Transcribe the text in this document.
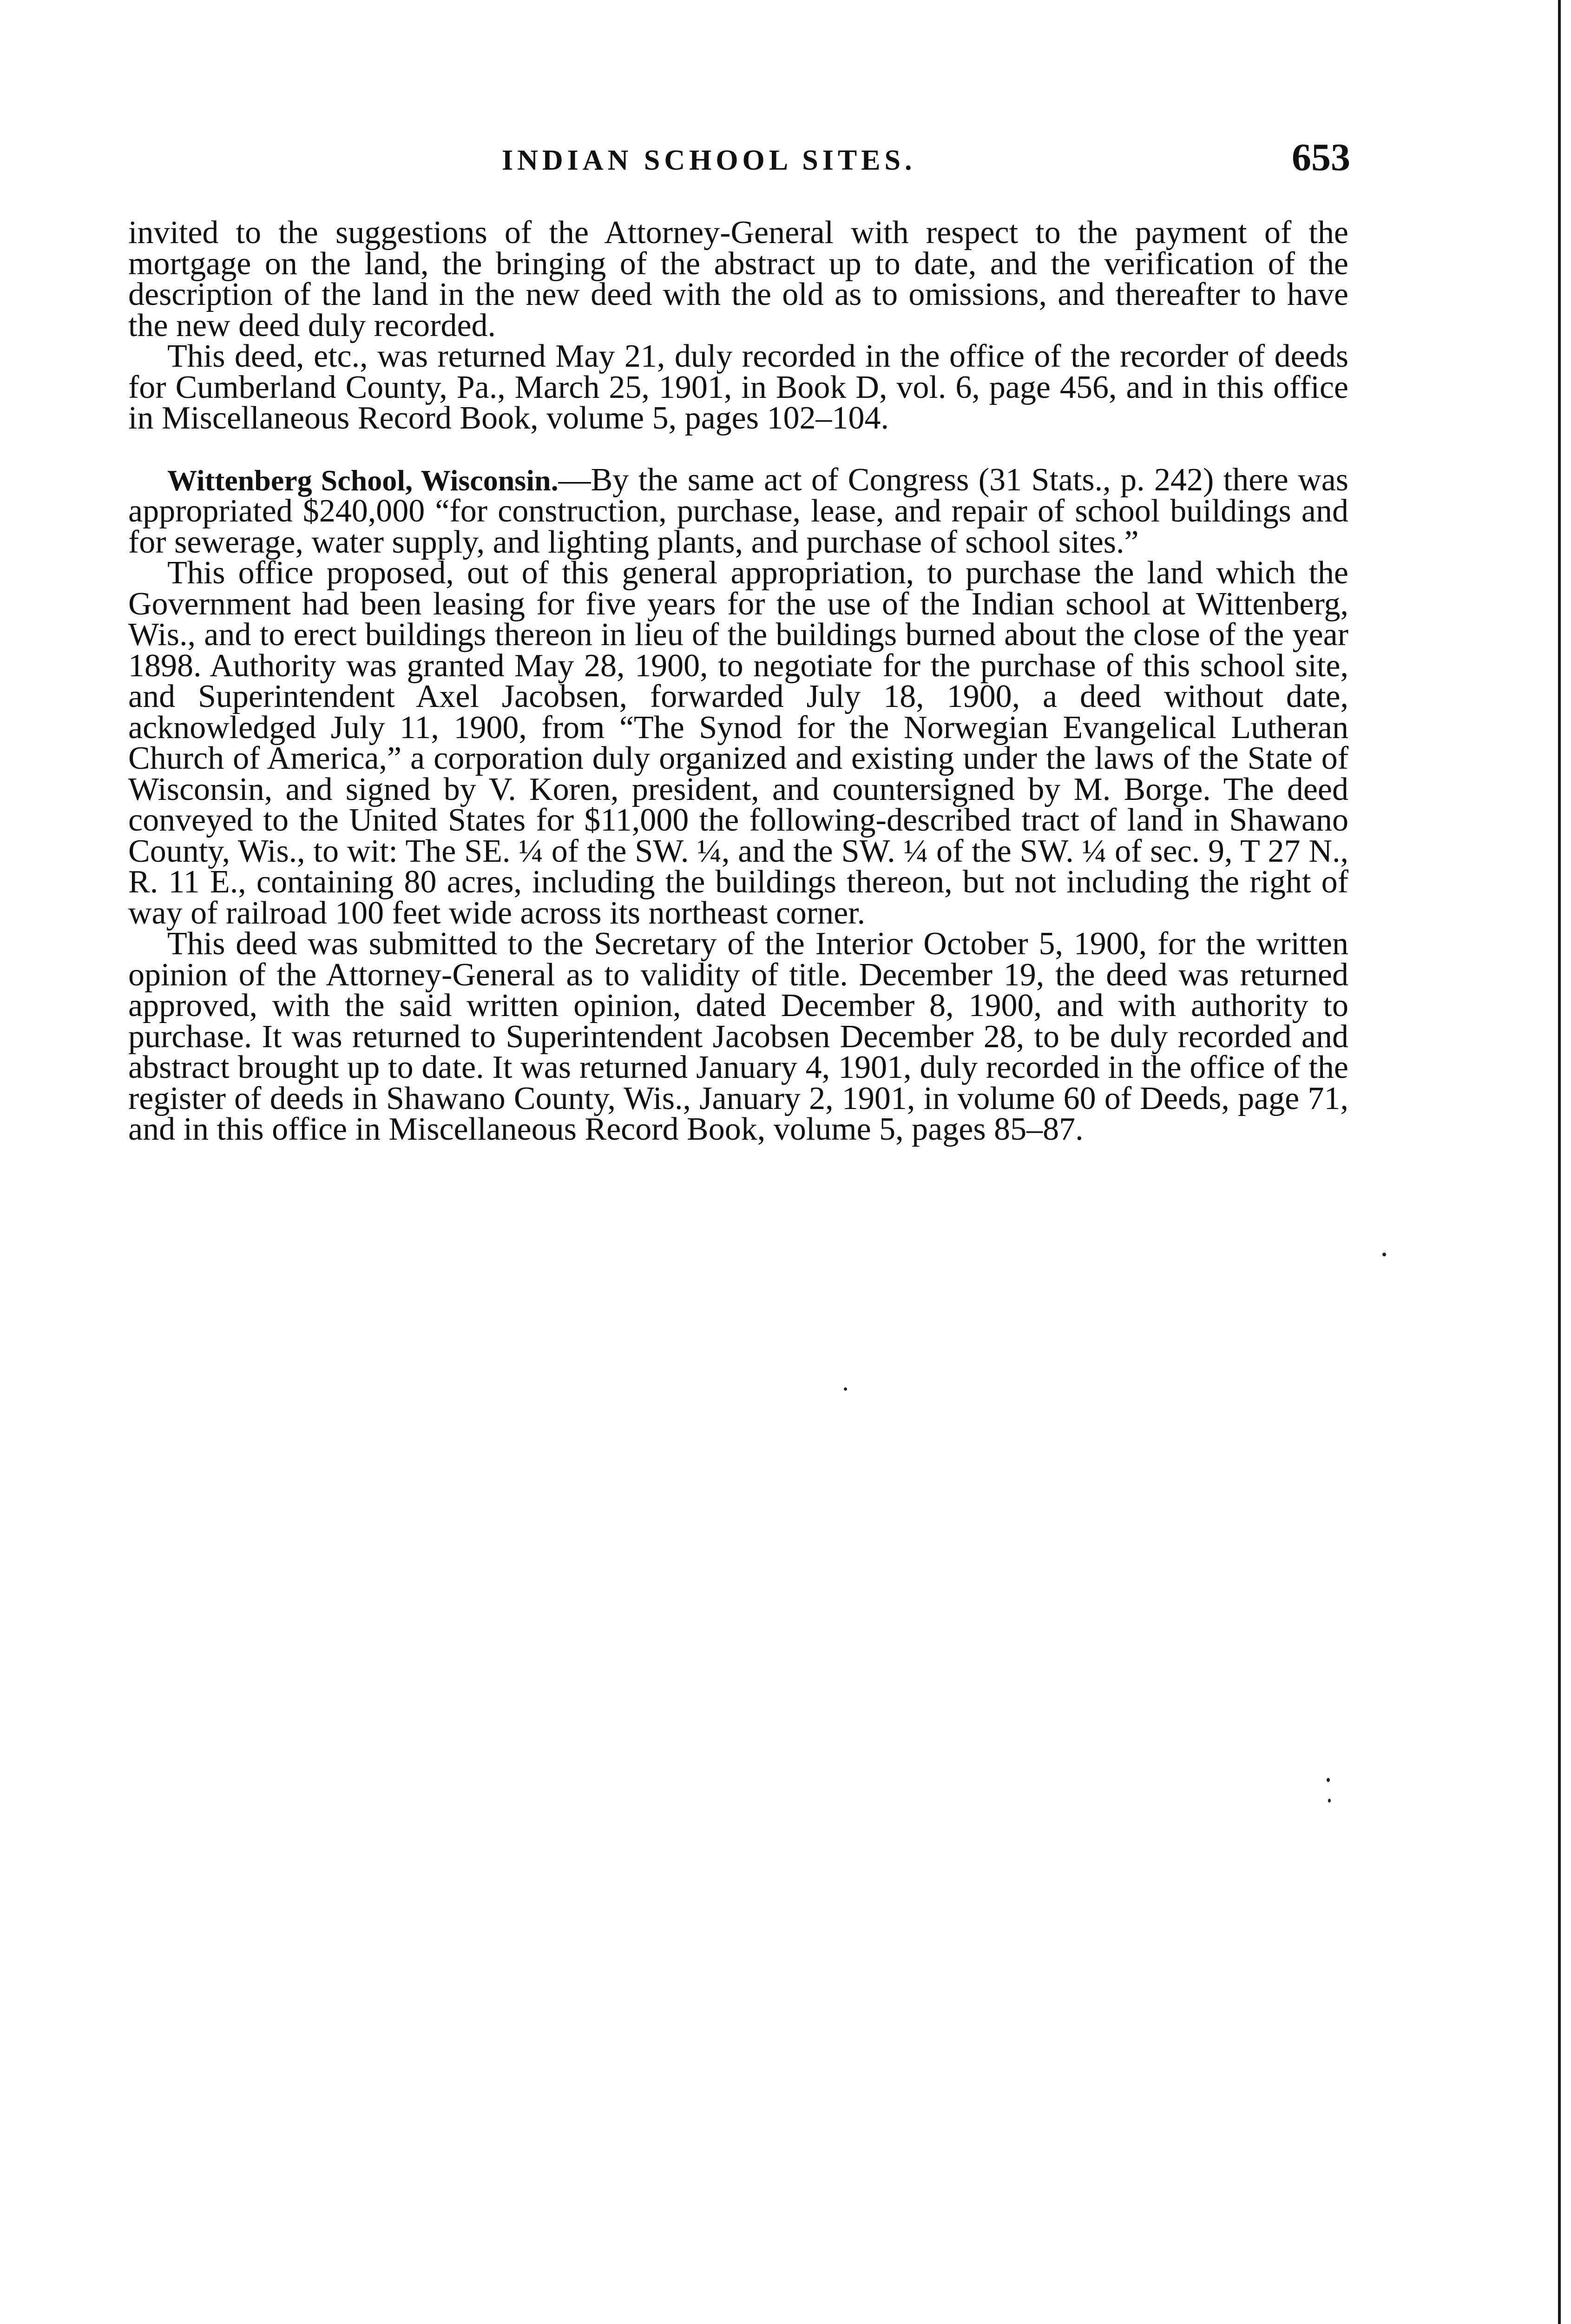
INDIAN SCHOOL SITES.	653

invited to the suggestions of the Attorney-General with respect to the payment of the mortgage on the land, the bringing of the abstract up to date, and the verification of the description of the land in the new deed with the old as to omissions, and thereafter to have the new deed duly recorded.

This deed, etc., was returned May 21, duly recorded in the office of the recorder of deeds for Cumberland County, Pa., March 25, 1901, in Book D, vol. 6, page 456, and in this office in Miscellaneous Record Book, volume 5, pages 102–104.

Wittenberg School, Wisconsin.—By the same act of Congress (31 Stats., p. 242) there was appropriated $240,000 “for construction, purchase, lease, and repair of school buildings and for sewerage, water supply, and lighting plants, and purchase of school sites.”

This office proposed, out of this general appropriation, to purchase the land which the Government had been leasing for five years for the use of the Indian school at Wittenberg, Wis., and to erect buildings thereon in lieu of the buildings burned about the close of the year 1898. Authority was granted May 28, 1900, to negotiate for the purchase of this school site, and Superintendent Axel Jacobsen, forwarded July 18, 1900, a deed without date, acknowledged July 11, 1900, from “The Synod for the Norwegian Evangelical Lutheran Church of America,” a corporation duly organized and existing under the laws of the State of Wisconsin, and signed by V. Koren, president, and countersigned by M. Borge. The deed conveyed to the United States for $11,000 the following-described tract of land in Shawano County, Wis., to wit: The SE. ¼ of the SW. ¼, and the SW. ¼ of the SW. ¼ of sec. 9, T 27 N., R. 11 E., containing 80 acres, including the buildings thereon, but not including the right of way of railroad 100 feet wide across its northeast corner.

This deed was submitted to the Secretary of the Interior October 5, 1900, for the written opinion of the Attorney-General as to validity of title. December 19, the deed was returned approved, with the said written opinion, dated December 8, 1900, and with authority to purchase. It was returned to Superintendent Jacobsen December 28, to be duly recorded and abstract brought up to date. It was returned January 4, 1901, duly recorded in the office of the register of deeds in Shawano County, Wis., January 2, 1901, in volume 60 of Deeds, page 71, and in this office in Miscellaneous Record Book, volume 5, pages 85–87.
